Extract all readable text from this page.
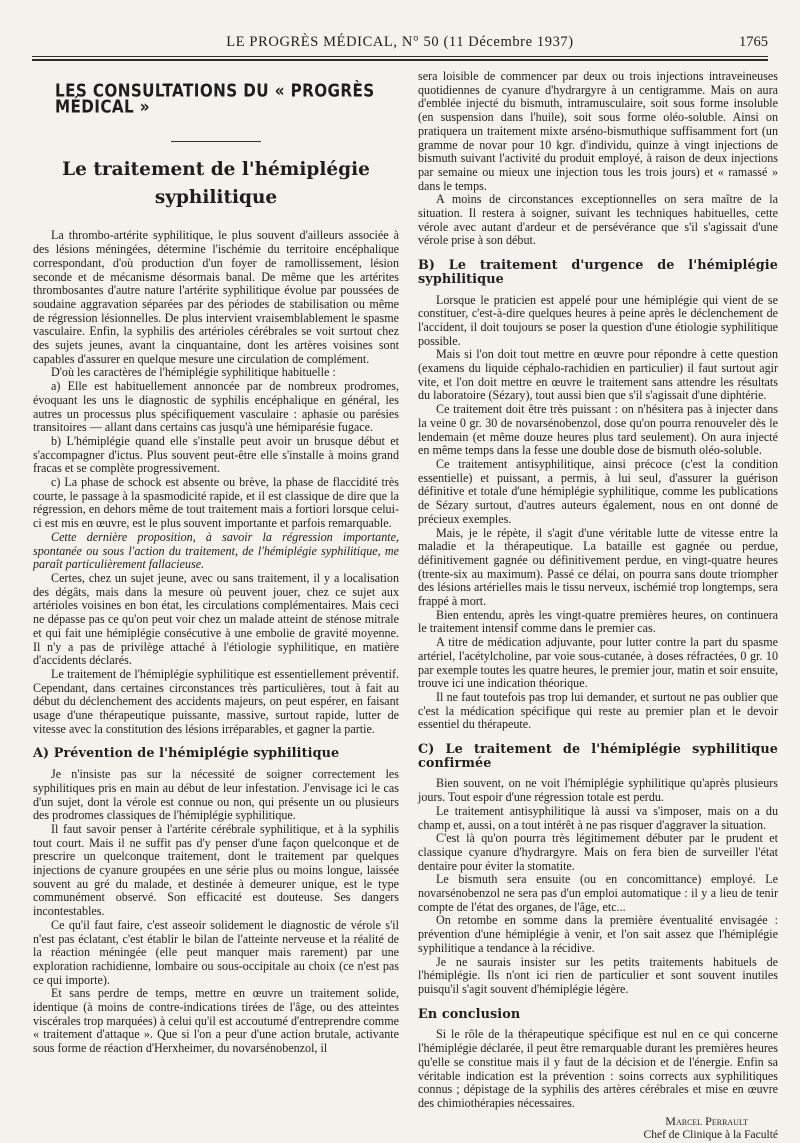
LE PROGRÈS MÉDICAL, N° 50 (11 Décembre 1937)	1765
LES CONSULTATIONS DU « PROGRÈS MÉDICAL »
Le traitement de l'hémiplégie
syphilitique

La thrombo-artérite syphilitique, le plus souvent d'ailleurs associée à des lésions méningées, détermine l'ischémie du territoire encéphalique correspondant, d'où production d'un foyer de ramollissement, lésion seconde et de mécanisme désormais banal. De même que les artérites thrombosantes d'autre nature l'artérite syphilitique évolue par poussées de soudaine aggravation séparées par des périodes de stabilisation ou même de régression lésionnelles. De plus intervient vraisemblablement le spasme vasculaire. Enfin, la syphilis des artérioles cérébrales se voit surtout chez des sujets jeunes, avant la cinquantaine, dont les artères voisines sont capables d'assurer en quelque mesure une circulation de complément.

D'où les caractères de l'hémiplégie syphilitique habituelle :

a) Elle est habituellement annoncée par de nombreux prodromes, évoquant les uns le diagnostic de syphilis encéphalique en général, les autres un processus plus spécifiquement vasculaire : aphasie ou parésies transitoires — allant dans certains cas jusqu'à une hémiparésie fugace.

b) L'hémiplégie quand elle s'installe peut avoir un brusque début et s'accompagner d'ictus. Plus souvent peut-être elle s'installe à moins grand fracas et se complète progressivement.

c) La phase de schock est absente ou brève, la phase de flaccidité très courte, le passage à la spasmodicité rapide, et il est classique de dire que la régression, en dehors même de tout traitement mais a fortiori lorsque celui-ci est mis en œuvre, est le plus souvent importante et parfois remarquable.

Cette dernière proposition, à savoir la régression importante, spontanée ou sous l'action du traitement, de l'hémiplégie syphilitique, me paraît particulièrement fallacieuse.

Certes, chez un sujet jeune, avec ou sans traitement, il y a localisation des dégâts, mais dans la mesure où peuvent jouer, chez ce sujet aux artérioles voisines en bon état, les circulations complémentaires. Mais ceci ne dépasse pas ce qu'on peut voir chez un malade atteint de sténose mitrale et qui fait une hémiplégie consécutive à une embolie de gravité moyenne. Il n'y a pas de privilège attaché à l'étiologie syphilitique, en matière d'accidents déclarés.

Le traitement de l'hémiplégie syphilitique est essentiellement préventif. Cependant, dans certaines circonstances très particulières, tout à fait au début du déclenchement des accidents majeurs, on peut espérer, en faisant usage d'une thérapeutique puissante, massive, surtout rapide, lutter de vitesse avec la constitution des lésions irréparables, et gagner la partie.

A) Prévention de l'hémiplégie syphilitique

Je n'insiste pas sur la nécessité de soigner correctement les syphilitiques pris en main au début de leur infestation. J'envisage ici le cas d'un sujet, dont la vérole est connue ou non, qui présente un ou plusieurs des prodromes classiques de l'hémiplégie syphilitique.

Il faut savoir penser à l'artérite cérébrale syphilitique, et à la syphilis tout court. Mais il ne suffit pas d'y penser d'une façon quelconque et de prescrire un quelconque traitement, dont le traitement par quelques injections de cyanure groupées en une série plus ou moins longue, laissée souvent au gré du malade, et destinée à demeurer unique, est le type communément observé. Son efficacité est douteuse. Ses dangers incontestables.

Ce qu'il faut faire, c'est asseoir solidement le diagnostic de vérole s'il n'est pas éclatant, c'est établir le bilan de l'atteinte nerveuse et la réalité de la réaction méningée (elle peut manquer mais rarement) par une exploration rachidienne, lombaire ou sous-occipitale au choix (ce n'est pas ce qui importe).

Et sans perdre de temps, mettre en œuvre un traitement solide, identique (à moins de contre-indications tirées de l'âge, ou des atteintes viscérales trop marquées) à celui qu'il est accoutumé d'entreprendre comme « traitement d'attaque ». Que si l'on a peur d'une action brutale, activante sous forme de réaction d'Herxheimer, du novarsénobenzol, il

sera loisible de commencer par deux ou trois injections intraveineuses quotidiennes de cyanure d'hydrargyre à un centigramme. Mais on aura d'emblée injecté du bismuth, intramusculaire, soit sous forme insoluble (en suspension dans l'huile), soit sous forme oléo-soluble. Ainsi on pratiquera un traitement mixte arséno-bismuthique suffisamment fort (un gramme de novar pour 10 kgr. d'individu, quinze à vingt injections de bismuth suivant l'activité du produit employé, à raison de deux injections par semaine ou mieux une injection tous les trois jours) et « ramassé » dans le temps.

A moins de circonstances exceptionnelles on sera maître de la situation. Il restera à soigner, suivant les techniques habituelles, cette vérole avec autant d'ardeur et de persévérance que s'il s'agissait d'une vérole prise à son début.

B) Le traitement d'urgence de l'hémiplégie syphilitique

Lorsque le praticien est appelé pour une hémiplégie qui vient de se constituer, c'est-à-dire quelques heures à peine après le déclenchement de l'accident, il doit toujours se poser la question d'une étiologie syphilitique possible.

Mais si l'on doit tout mettre en œuvre pour répondre à cette question (examens du liquide céphalo-rachidien en particulier) il faut surtout agir vite, et l'on doit mettre en œuvre le traitement sans attendre les résultats du laboratoire (Sézary), tout aussi bien que s'il s'agissait d'une diphtérie.

Ce traitement doit être très puissant : on n'hésitera pas à injecter dans la veine 0 gr. 30 de novarsénobenzol, dose qu'on pourra renouveler dès le lendemain (et même douze heures plus tard seulement). On aura injecté en même temps dans la fesse une double dose de bismuth oléo-soluble.

Ce traitement antisyphilitique, ainsi précoce (c'est la condition essentielle) et puissant, a permis, à lui seul, d'assurer la guérison définitive et totale d'une hémiplégie syphilitique, comme les publications de Sézary surtout, d'autres auteurs également, nous en ont donné de précieux exemples.

Mais, je le répète, il s'agit d'une véritable lutte de vitesse entre la maladie et la thérapeutique. La bataille est gagnée ou perdue, définitivement gagnée ou définitivement perdue, en vingt-quatre heures (trente-six au maximum). Passé ce délai, on pourra sans doute triompher des lésions artérielles mais le tissu nerveux, ischémié trop longtemps, sera frappé à mort.

Bien entendu, après les vingt-quatre premières heures, on continuera le traitement intensif comme dans le premier cas.

A titre de médication adjuvante, pour lutter contre la part du spasme artériel, l'acétylcholine, par voie sous-cutanée, à doses réfractées, 0 gr. 10 par exemple toutes les quatre heures, le premier jour, matin et soir ensuite, trouve ici une indication théorique.

Il ne faut toutefois pas trop lui demander, et surtout ne pas oublier que c'est la médication spécifique qui reste au premier plan et le devoir essentiel du thérapeute.

C) Le traitement de l'hémiplégie syphilitique confirmée

Bien souvent, on ne voit l'hémiplégie syphilitique qu'après plusieurs jours. Tout espoir d'une régression totale est perdu.

Le traitement antisyphilitique là aussi va s'imposer, mais on a du champ et, aussi, on a tout intérêt à ne pas risquer d'aggraver la situation.

C'est là qu'on pourra très légitimement débuter par le prudent et classique cyanure d'hydrargyre. Mais on fera bien de surveiller l'état dentaire pour éviter la stomatite.

Le bismuth sera ensuite (ou en concomittance) employé. Le novarsénobenzol ne sera pas d'un emploi automatique : il y a lieu de tenir compte de l'état des organes, de l'âge, etc...

On retombe en somme dans la première éventualité envisagée : prévention d'une hémiplégie à venir, et l'on sait assez que l'hémiplégie syphilitique a tendance à la récidive.

Je ne saurais insister sur les petits traitements habituels de l'hémiplégie. Ils n'ont ici rien de particulier et sont souvent inutiles puisqu'il s'agit souvent d'hémiplégie légère.

En conclusion

Si le rôle de la thérapeutique spécifique est nul en ce qui concerne l'hémiplégie déclarée, il peut être remarquable durant les premières heures qu'elle se constitue mais il y faut de la décision et de l'énergie. Enfin sa véritable indication est la prévention : soins corrects aux syphilitiques connus ; dépistage de la syphilis des artères cérébrales et mise en œuvre des chimiothérapies nécessaires.

Marcel Perrault
Chef de Clinique à la Faculté
